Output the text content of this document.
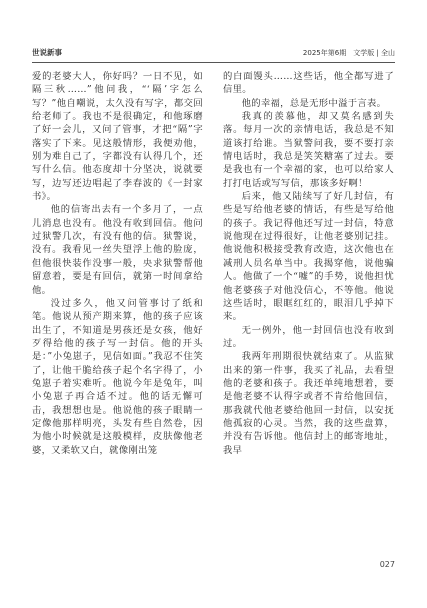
世说新事	2025年第6期　文学版 | 全山

爱的老婆大人，你好吗？一日不见，如隔三秋……”他问我，“‘隔’字怎么写？”他自嘲说，太久没有写字，都交回给老师了。我也不是很确定，和他琢磨了好一会儿，又问了管事，才把“隔”字落实了下来。见这般情形，我便劝他，别为难自己了，字都没有认得几个，还写什么信。他态度却十分坚决，说就要写，边写还边唱起了李春波的《一封家书》。

他的信寄出去有一个多月了，一点儿消息也没有。他没有收到回信。他问过狱警几次，有没有他的信。狱警说，没有。我看见一丝失望浮上他的脸庞，但他很快装作没事一般，央求狱警帮他留意着，要是有回信，就第一时间拿给他。

没过多久，他又问管事讨了纸和笔。他说从预产期来算，他的孩子应该出生了，不知道是男孩还是女孩，他好歹得给他的孩子写一封信。他的开头是：”小兔崽子，见信如面。”我忍不住笑了，让他干脆给孩子起个名字得了，小兔崽子着实难听。他说今年是兔年，叫小兔崽子再合适不过。他的话无懈可击，我想想也是。他说他的孩子眼睛一定像他那样明亮，头发有些自然卷，因为他小时候就是这般模样，皮肤像他老婆，又柔软又白，就像刚出笼

的白面馒头……这些话，他全都写进了信里。

他的幸福，总是无形中溢于言表。

我真的羡慕他，却又莫名感到失落。每月一次的亲情电话，我总是不知道该打给谁。当狱警问我，要不要打亲情电话时，我总是笑笑糖塞了过去。要是我也有一个幸福的家，也可以给家人打打电话或写写信，那该多好啊！

后来，他又陆续写了好几封信，有些是写给他老婆的情话，有些是写给他的孩子。我记得他还写过一封信，特意说他现在过得很好，让他老婆别记挂。他说他积极接受教育改造，这次他也在减刑人员名单当中。我揭穿他，说他骗人。他做了一个“嘘”的手势，说他担忧他老婆孩子对他没信心，不等他。他说这些话时，眼眶红红的，眼泪几乎掉下来。

无一例外，他一封回信也没有收到过。

我两年刑期很快就结束了。从监狱出来的第一件事，我买了礼品，去看望他的老婆和孩子。我还单纯地想着，要是他老婆不认得字或者不肯给他回信，那我就代他老婆给他回一封信，以安抚他孤寂的心灵。当然，我的这些盘算，并没有告诉他。他信封上的邮寄地址，我早

027
